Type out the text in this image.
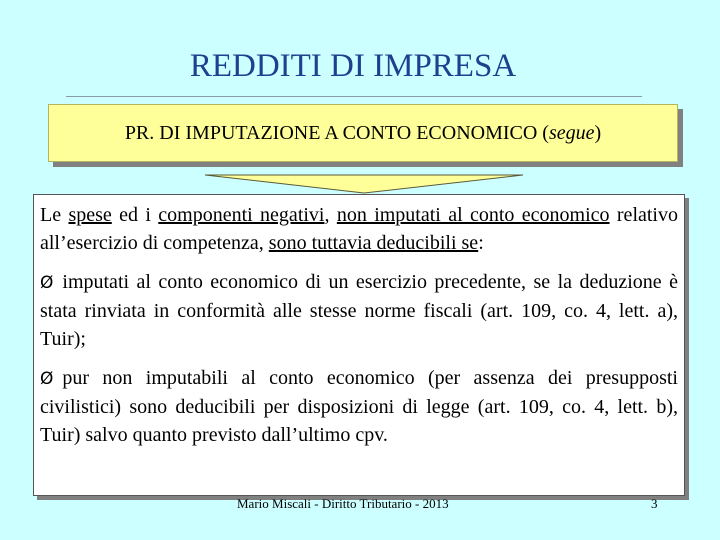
REDDITI DI IMPRESA
PR. DI IMPUTAZIONE A CONTO ECONOMICO (segue)

Le spese ed i componenti negativi, non imputati al conto economico relativo all’esercizio di competenza, sono tuttavia deducibili se:

Ø imputati al conto economico di un esercizio precedente, se la deduzione è stata rinviata in conformità alle stesse norme fiscali (art. 109, co. 4, lett. a), Tuir);

Ø pur non imputabili al conto economico (per assenza dei presupposti civilistici) sono deducibili per disposizioni di legge (art. 109, co. 4, lett. b), Tuir) salvo quanto previsto dall’ultimo cpv.

Mario Miscali - Diritto Tributario - 2013	3
